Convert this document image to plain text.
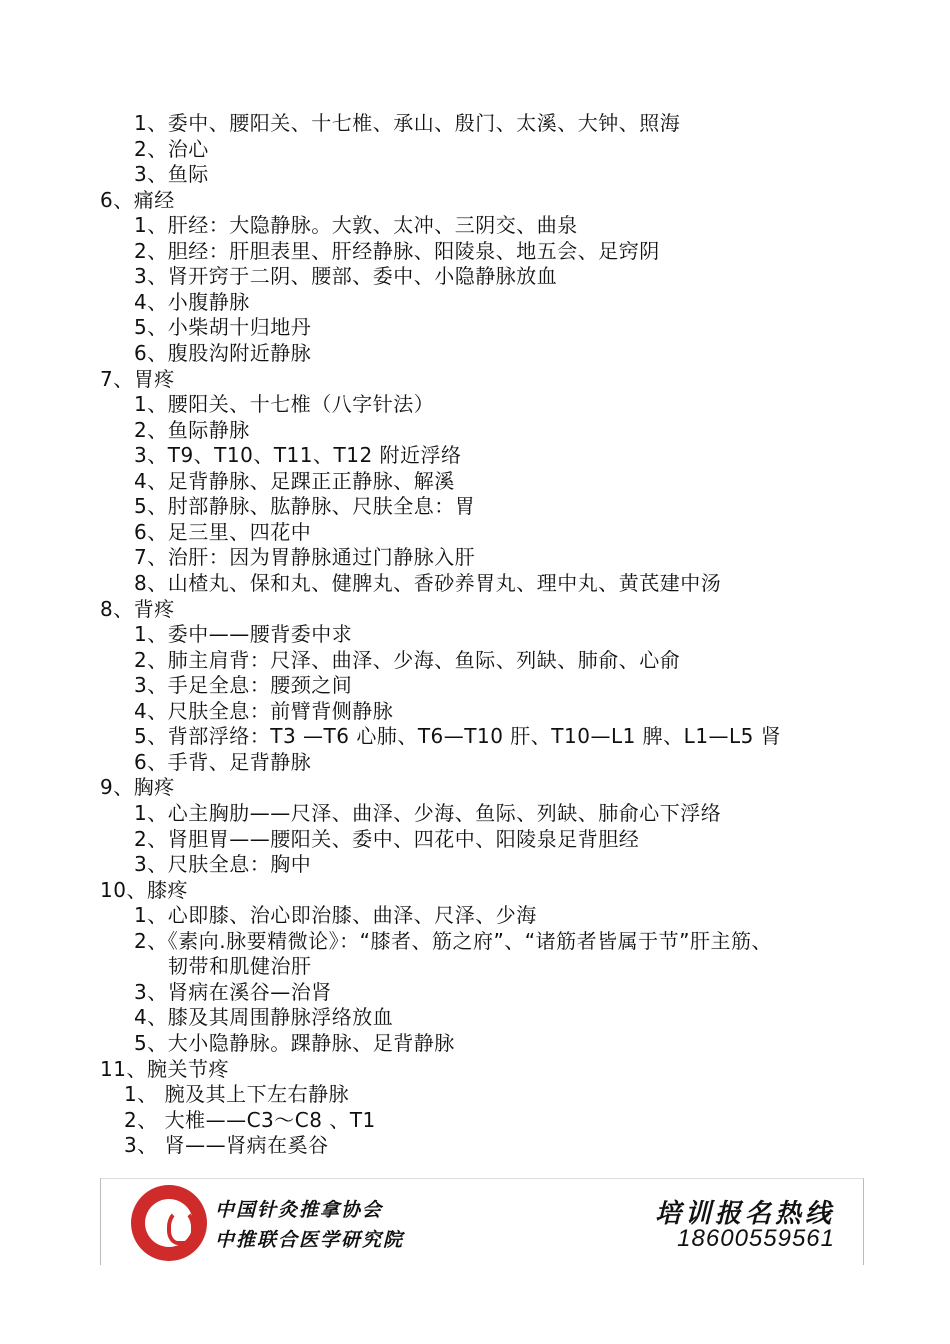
1、委中、腰阳关、十七椎、承山、殷门、太溪、大钟、照海
2、治心
3、鱼际
6、痛经
1、肝经：大隐静脉。大敦、太冲、三阴交、曲泉
2、胆经：肝胆表里、肝经静脉、阳陵泉、地五会、足窍阴
3、肾开窍于二阴、腰部、委中、小隐静脉放血
4、小腹静脉
5、小柴胡十归地丹
6、腹股沟附近静脉
7、胃疼
1、腰阳关、十七椎（八字针法）
2、鱼际静脉
3、T9、T10、T11、T12 附近浮络
4、足背静脉、足踝正正静脉、解溪
5、肘部静脉、肱静脉、尺肤全息：胃
6、足三里、四花中
7、治肝：因为胃静脉通过门静脉入肝
8、山楂丸、保和丸、健脾丸、香砂养胃丸、理中丸、黄芪建中汤
8、背疼
1、委中——腰背委中求
2、肺主肩背：尺泽、曲泽、少海、鱼际、列缺、肺俞、心俞
3、手足全息：腰颈之间
4、尺肤全息：前臂背侧静脉
5、背部浮络：T3 —T6 心肺、T6—T10 肝、T10—L1 脾、L1—L5 肾
6、手背、足背静脉
9、胸疼
1、心主胸肋——尺泽、曲泽、少海、鱼际、列缺、肺俞心下浮络
2、肾胆胃——腰阳关、委中、四花中、阳陵泉足背胆经
3、尺肤全息：胸中
10、膝疼
1、心即膝、治心即治膝、曲泽、尺泽、少海
2、《素向.脉要精微论》：“膝者、筋之府”、“诸筋者皆属于节”肝主筋、
韧带和肌健治肝
3、肾病在溪谷—治肾
4、膝及其周围静脉浮络放血
5、大小隐静脉。踝静脉、足背静脉
11、腕关节疼
1、 腕及其上下左右静脉
2、 大椎——C3～C8 、T1
3、 肾——肾病在奚谷
中国针灸推拿协会
中推联合医学研究院
培训报名热线
18600559561
